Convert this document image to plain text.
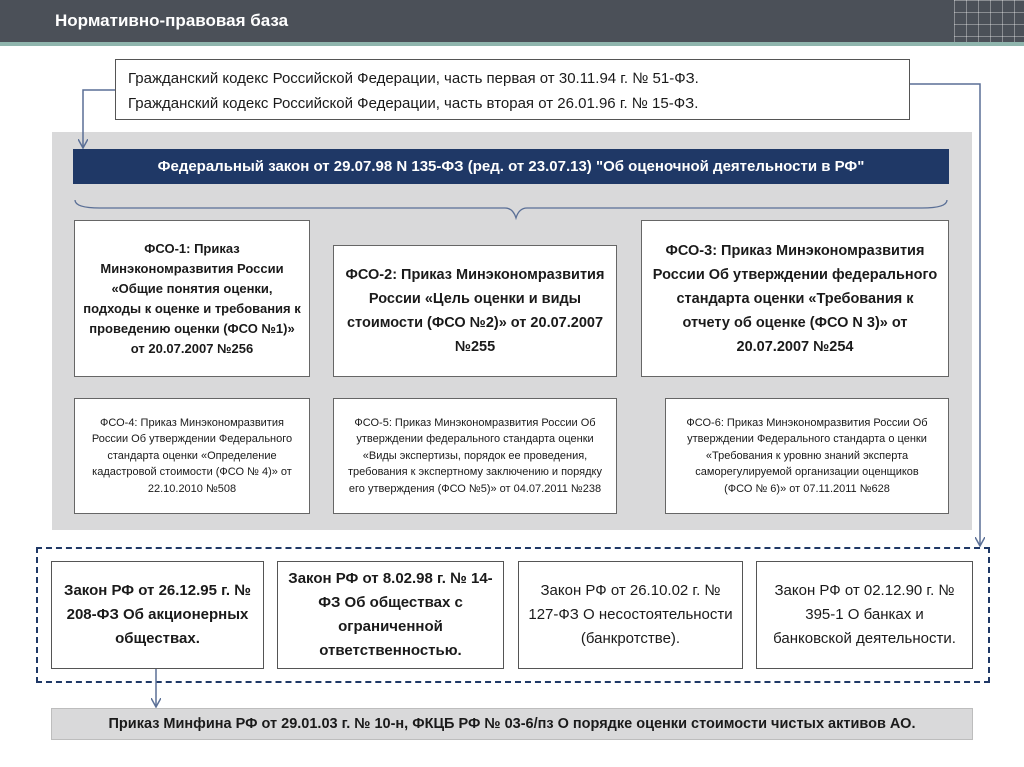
Нормативно-правовая база
Гражданский кодекс Российской Федерации, часть первая от 30.11.94 г. № 51-ФЗ.
Гражданский кодекс Российской Федерации, часть вторая от 26.01.96 г. № 15-ФЗ.
Федеральный закон от 29.07.98 N 135-ФЗ (ред. от 23.07.13) "Об оценочной деятельности в РФ"
ФСО-1: Приказ Минэкономразвития России «Общие понятия оценки, подходы к оценке и требования к проведению оценки (ФСО №1)» от 20.07.2007 №256
ФСО-2: Приказ Минэкономразвития России «Цель оценки и виды стоимости (ФСО №2)» от 20.07.2007 №255
ФСО-3: Приказ Минэкономразвития России Об утверждении федерального стандарта оценки «Требования к отчету об оценке (ФСО N 3)» от 20.07.2007 №254
ФСО-4: Приказ Минэкономразвития России Об утверждении Федерального стандарта оценки «Определение кадастровой стоимости (ФСО № 4)» от 22.10.2010 №508
ФСО-5: Приказ Минэкономразвития России Об утверждении федерального стандарта оценки «Виды экспертизы, порядок ее проведения, требования к экспертному заключению и порядку его утверждения (ФСО №5)» от 04.07.2011 №238
ФСО-6: Приказ Минэкономразвития России Об утверждении Федерального стандарта о ценки «Требования к уровню знаний эксперта саморегулируемой организации оценщиков (ФСО № 6)» от 07.11.2011 №628
Закон РФ от 26.12.95 г. № 208-ФЗ Об акционерных обществах.
Закон РФ от 8.02.98 г. № 14-ФЗ Об обществах с ограниченной ответственностью.
Закон РФ от 26.10.02 г. № 127-ФЗ О несостоятельности (банкротстве).
Закон РФ от 02.12.90 г. № 395-1 О банках и банковской деятельности.
Приказ Минфина РФ от 29.01.03 г. № 10-н, ФКЦБ РФ № 03-6/пз О порядке оценки стоимости чистых активов АО.
